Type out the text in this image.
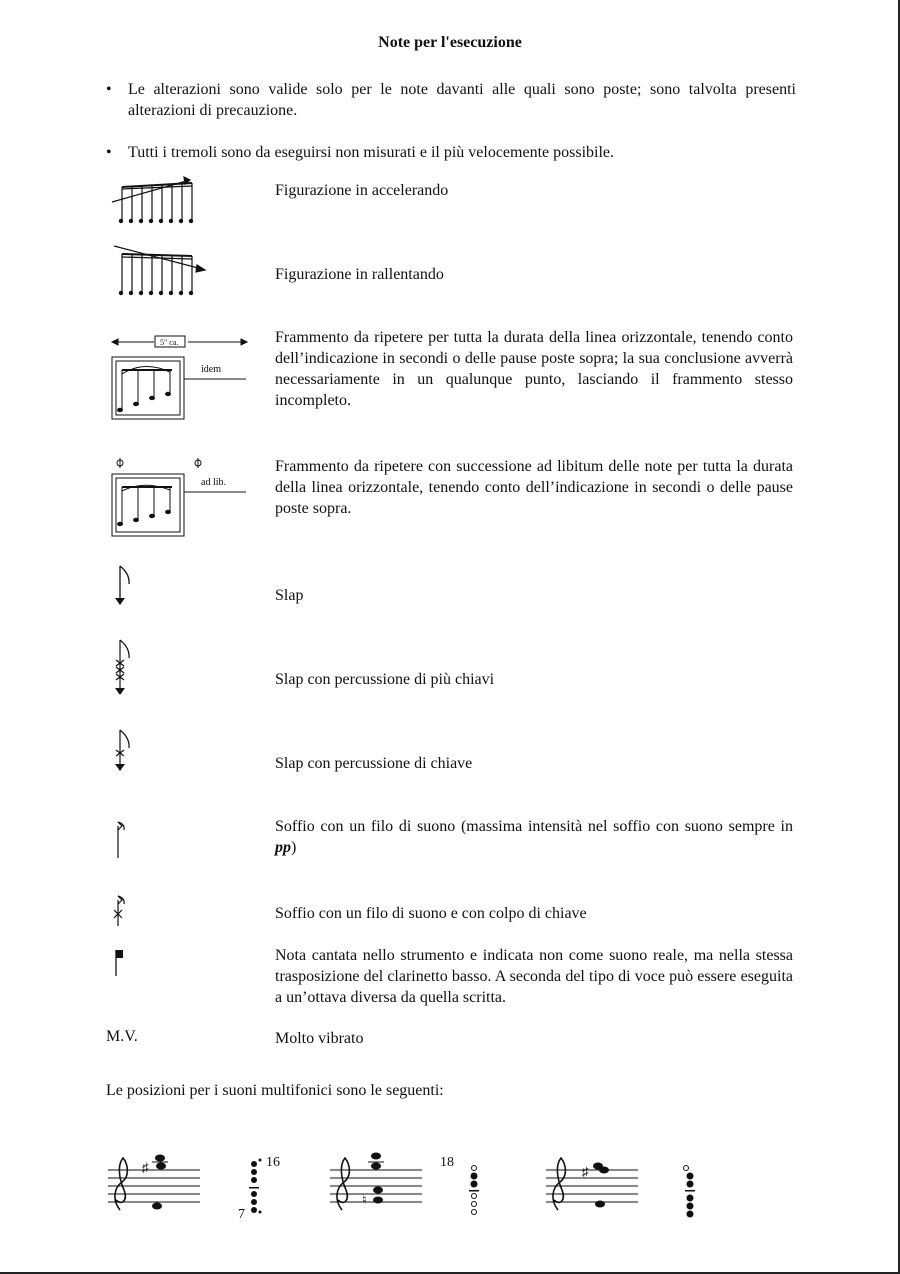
Note per l'esecuzione
• Le alterazioni sono valide solo per le note davanti alle quali sono poste; sono talvolta presenti alterazioni di precauzione.
• Tutti i tremoli sono da eseguirsi non misurati e il più velocemente possibile.
Figurazione in accelerando
Figurazione in rallentando
5" ca.
idem
Frammento da ripetere per tutta la durata della linea orizzontale, tenendo conto dell’indicazione in secondi o delle pause poste sopra; la sua conclusione avverrà necessariamente in un qualunque punto, lasciando il frammento stesso incompleto.
ad lib.
Frammento da ripetere con successione ad libitum delle note per tutta la durata della linea orizzontale, tenendo conto dell’indicazione in secondi o delle pause poste sopra.
Slap
Slap con percussione di più chiavi
Slap con percussione di chiave
Soffio con un filo di suono (massima intensità nel soffio con suono sempre in pp)
Soffio con un filo di suono e con colpo di chiave
Nota cantata nello strumento e indicata non come suono reale, ma nella stessa trasposizione del clarinetto basso. A seconda del tipo di voce può essere eseguita a un’ottava diversa da quella scritta.
M.V.	Molto vibrato
Le posizioni per i suoni multifonici sono le seguenti:
♯	16
7
♮
18
♯
